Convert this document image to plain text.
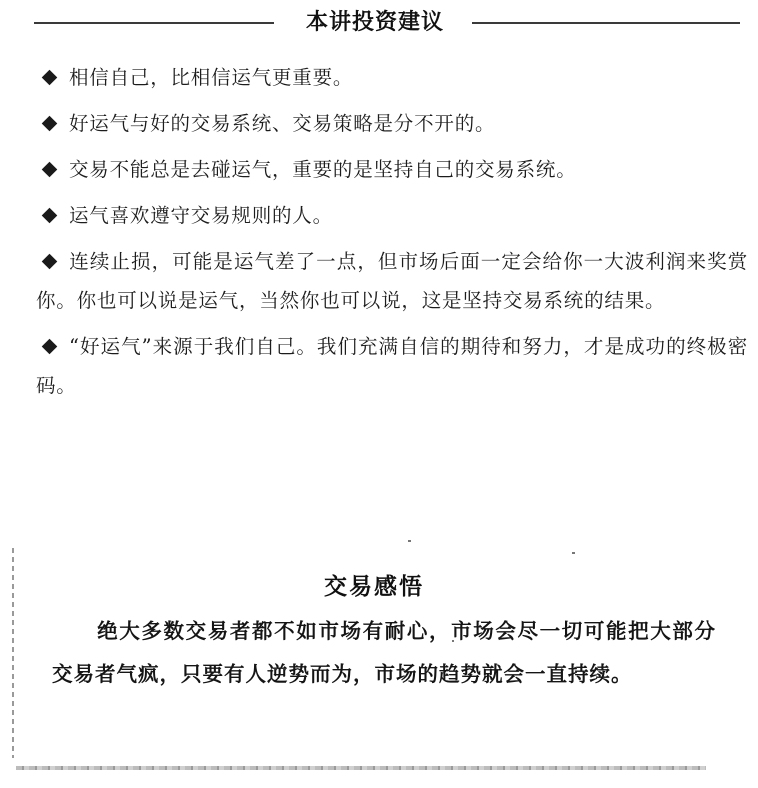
本讲投资建议
相信自己，比相信运气更重要。
好运气与好的交易系统、交易策略是分不开的。
交易不能总是去碰运气，重要的是坚持自己的交易系统。
运气喜欢遵守交易规则的人。
连续止损，可能是运气差了一点，但市场后面一定会给你一大波利润来奖赏你。你也可以说是运气，当然你也可以说，这是坚持交易系统的结果。
“好运气”来源于我们自己。我们充满自信的期待和努力，才是成功的终极密码。
交易感悟
绝大多数交易者都不如市场有耐心，市场会尽一切可能把大部分交易者气疯，只要有人逆势而为，市场的趋势就会一直持续。
